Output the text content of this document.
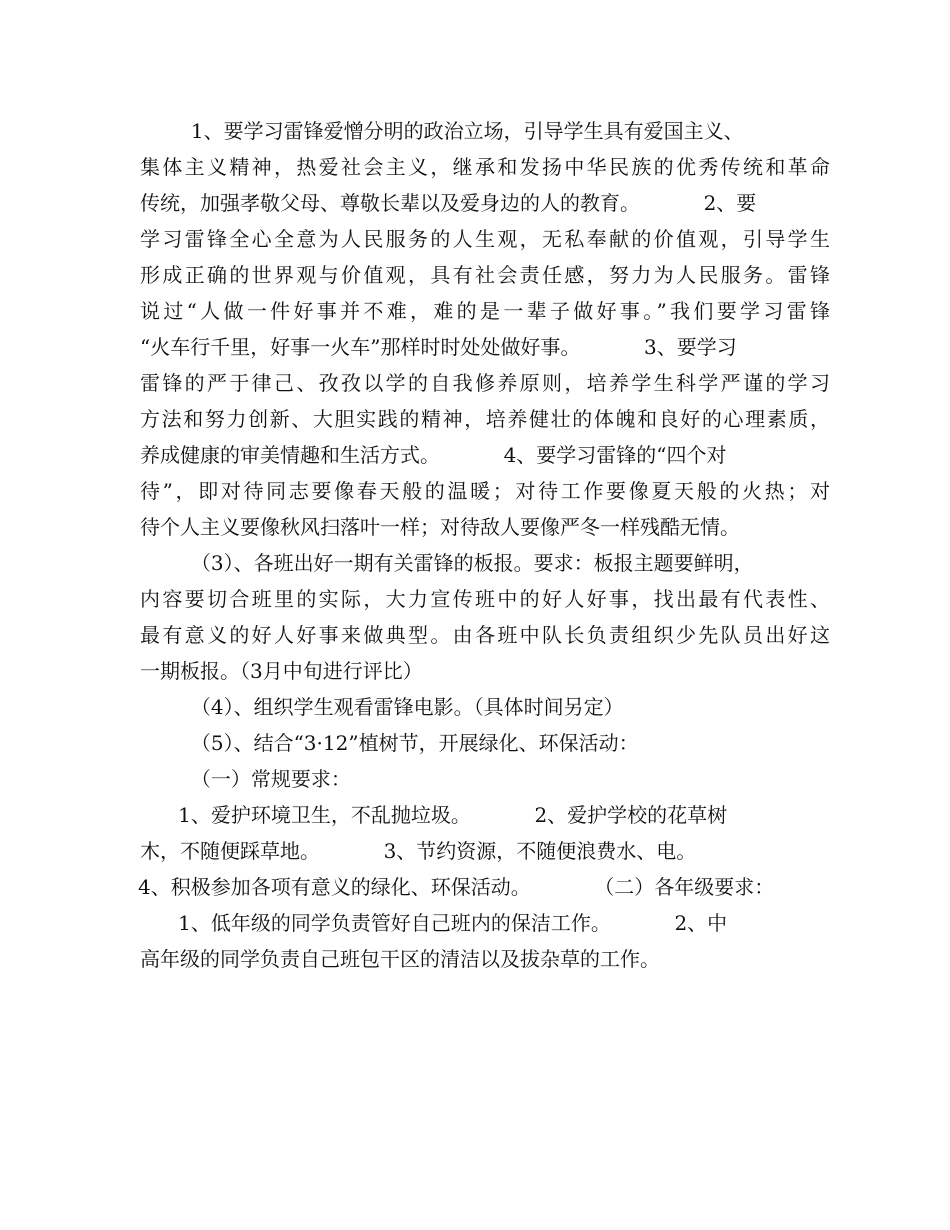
1、要学习雷锋爱憎分明的政治立场，引导学生具有爱国主义、
集体主义精神，热爱社会主义，继承和发扬中华民族的优秀传统和革命
传统，加强孝敬父母、尊敬长辈以及爱身边的人的教育。          2、要
学习雷锋全心全意为人民服务的人生观，无私奉献的价值观，引导学生
形成正确的世界观与价值观，具有社会责任感，努力为人民服务。雷锋
说过“人做一件好事并不难，难的是一辈子做好事。”我们要学习雷锋
“火车行千里，好事一火车”那样时时处处做好事。          3、要学习
雷锋的严于律己、孜孜以学的自我修养原则，培养学生科学严谨的学习
方法和努力创新、大胆实践的精神，培养健壮的体魄和良好的心理素质，
养成健康的审美情趣和生活方式。          4、要学习雷锋的“四个对
待”，即对待同志要像春天般的温暖；对待工作要像夏天般的火热；对
待个人主义要像秋风扫落叶一样；对待敌人要像严冬一样残酷无情。
（3）、各班出好一期有关雷锋的板报。要求：板报主题要鲜明，
内容要切合班里的实际，大力宣传班中的好人好事，找出最有代表性、
最有意义的好人好事来做典型。由各班中队长负责组织少先队员出好这
一期板报。（3月中旬进行评比）
（4）、组织学生观看雷锋电影。（具体时间另定）
（5）、结合“3·12”植树节，开展绿化、环保活动：
（一）常规要求：
1、爱护环境卫生，不乱抛垃圾。          2、爱护学校的花草树
木，不随便踩草地。          3、节约资源，不随便浪费水、电。
4、积极参加各项有意义的绿化、环保活动。          （二）各年级要求：
1、低年级的同学负责管好自己班内的保洁工作。          2、中
高年级的同学负责自己班包干区的清洁以及拔杂草的工作。
